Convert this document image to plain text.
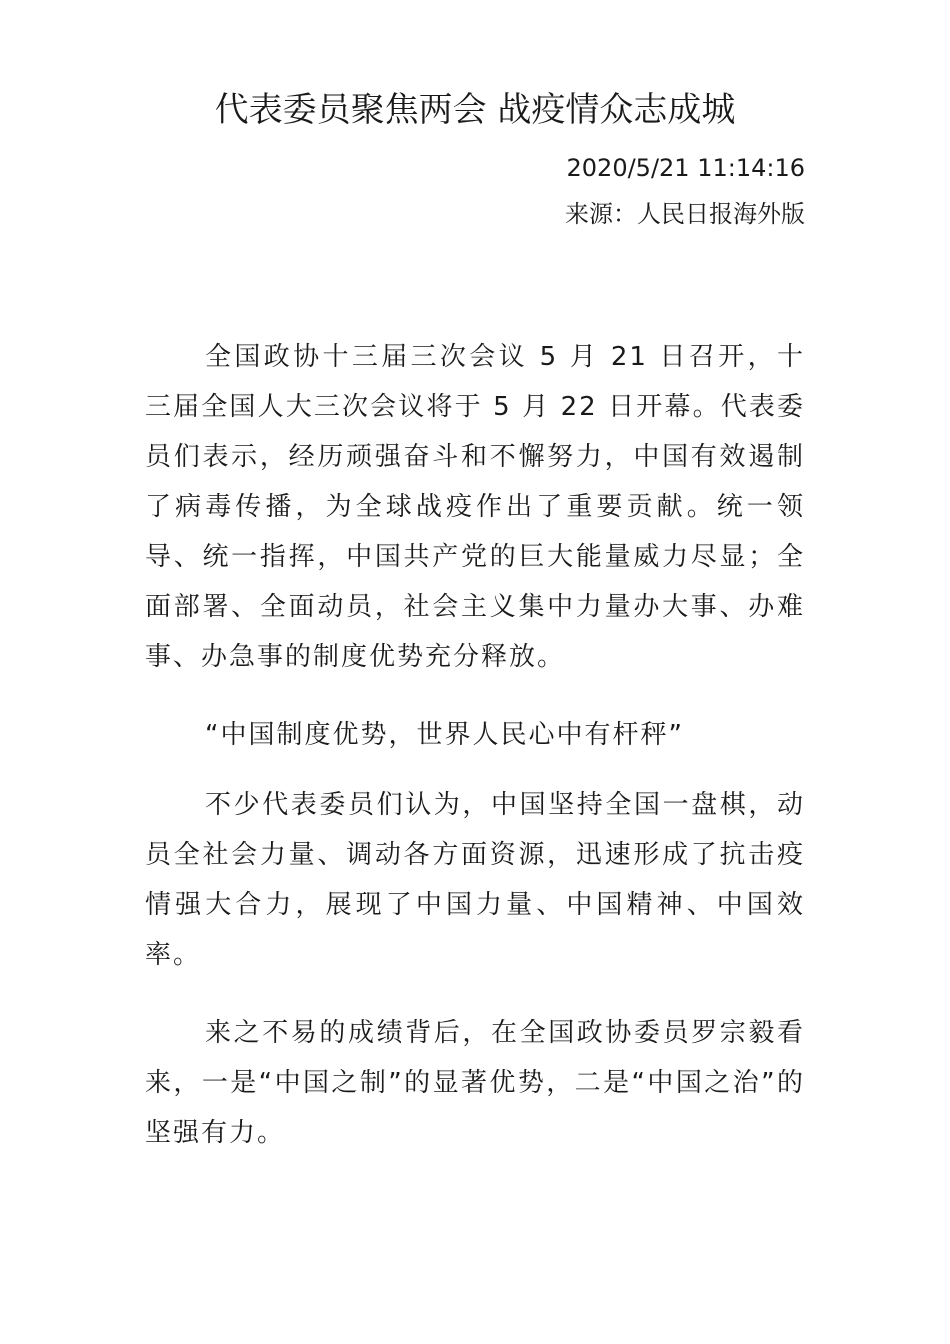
代表委员聚焦两会 战疫情众志成城
2020/5/21 11:14:16
来源：人民日报海外版

全国政协十三届三次会议 5 月 21 日召开，十三届全国人大三次会议将于 5 月 22 日开幕。代表委员们表示，经历顽强奋斗和不懈努力，中国有效遏制了病毒传播，为全球战疫作出了重要贡献。统一领导、统一指挥，中国共产党的巨大能量威力尽显；全面部署、全面动员，社会主义集中力量办大事、办难事、办急事的制度优势充分释放。

“中国制度优势，世界人民心中有杆秤”

不少代表委员们认为，中国坚持全国一盘棋，动员全社会力量、调动各方面资源，迅速形成了抗击疫情强大合力，展现了中国力量、中国精神、中国效率。

来之不易的成绩背后，在全国政协委员罗宗毅看来，一是“中国之制”的显著优势，二是“中国之治”的坚强有力。
